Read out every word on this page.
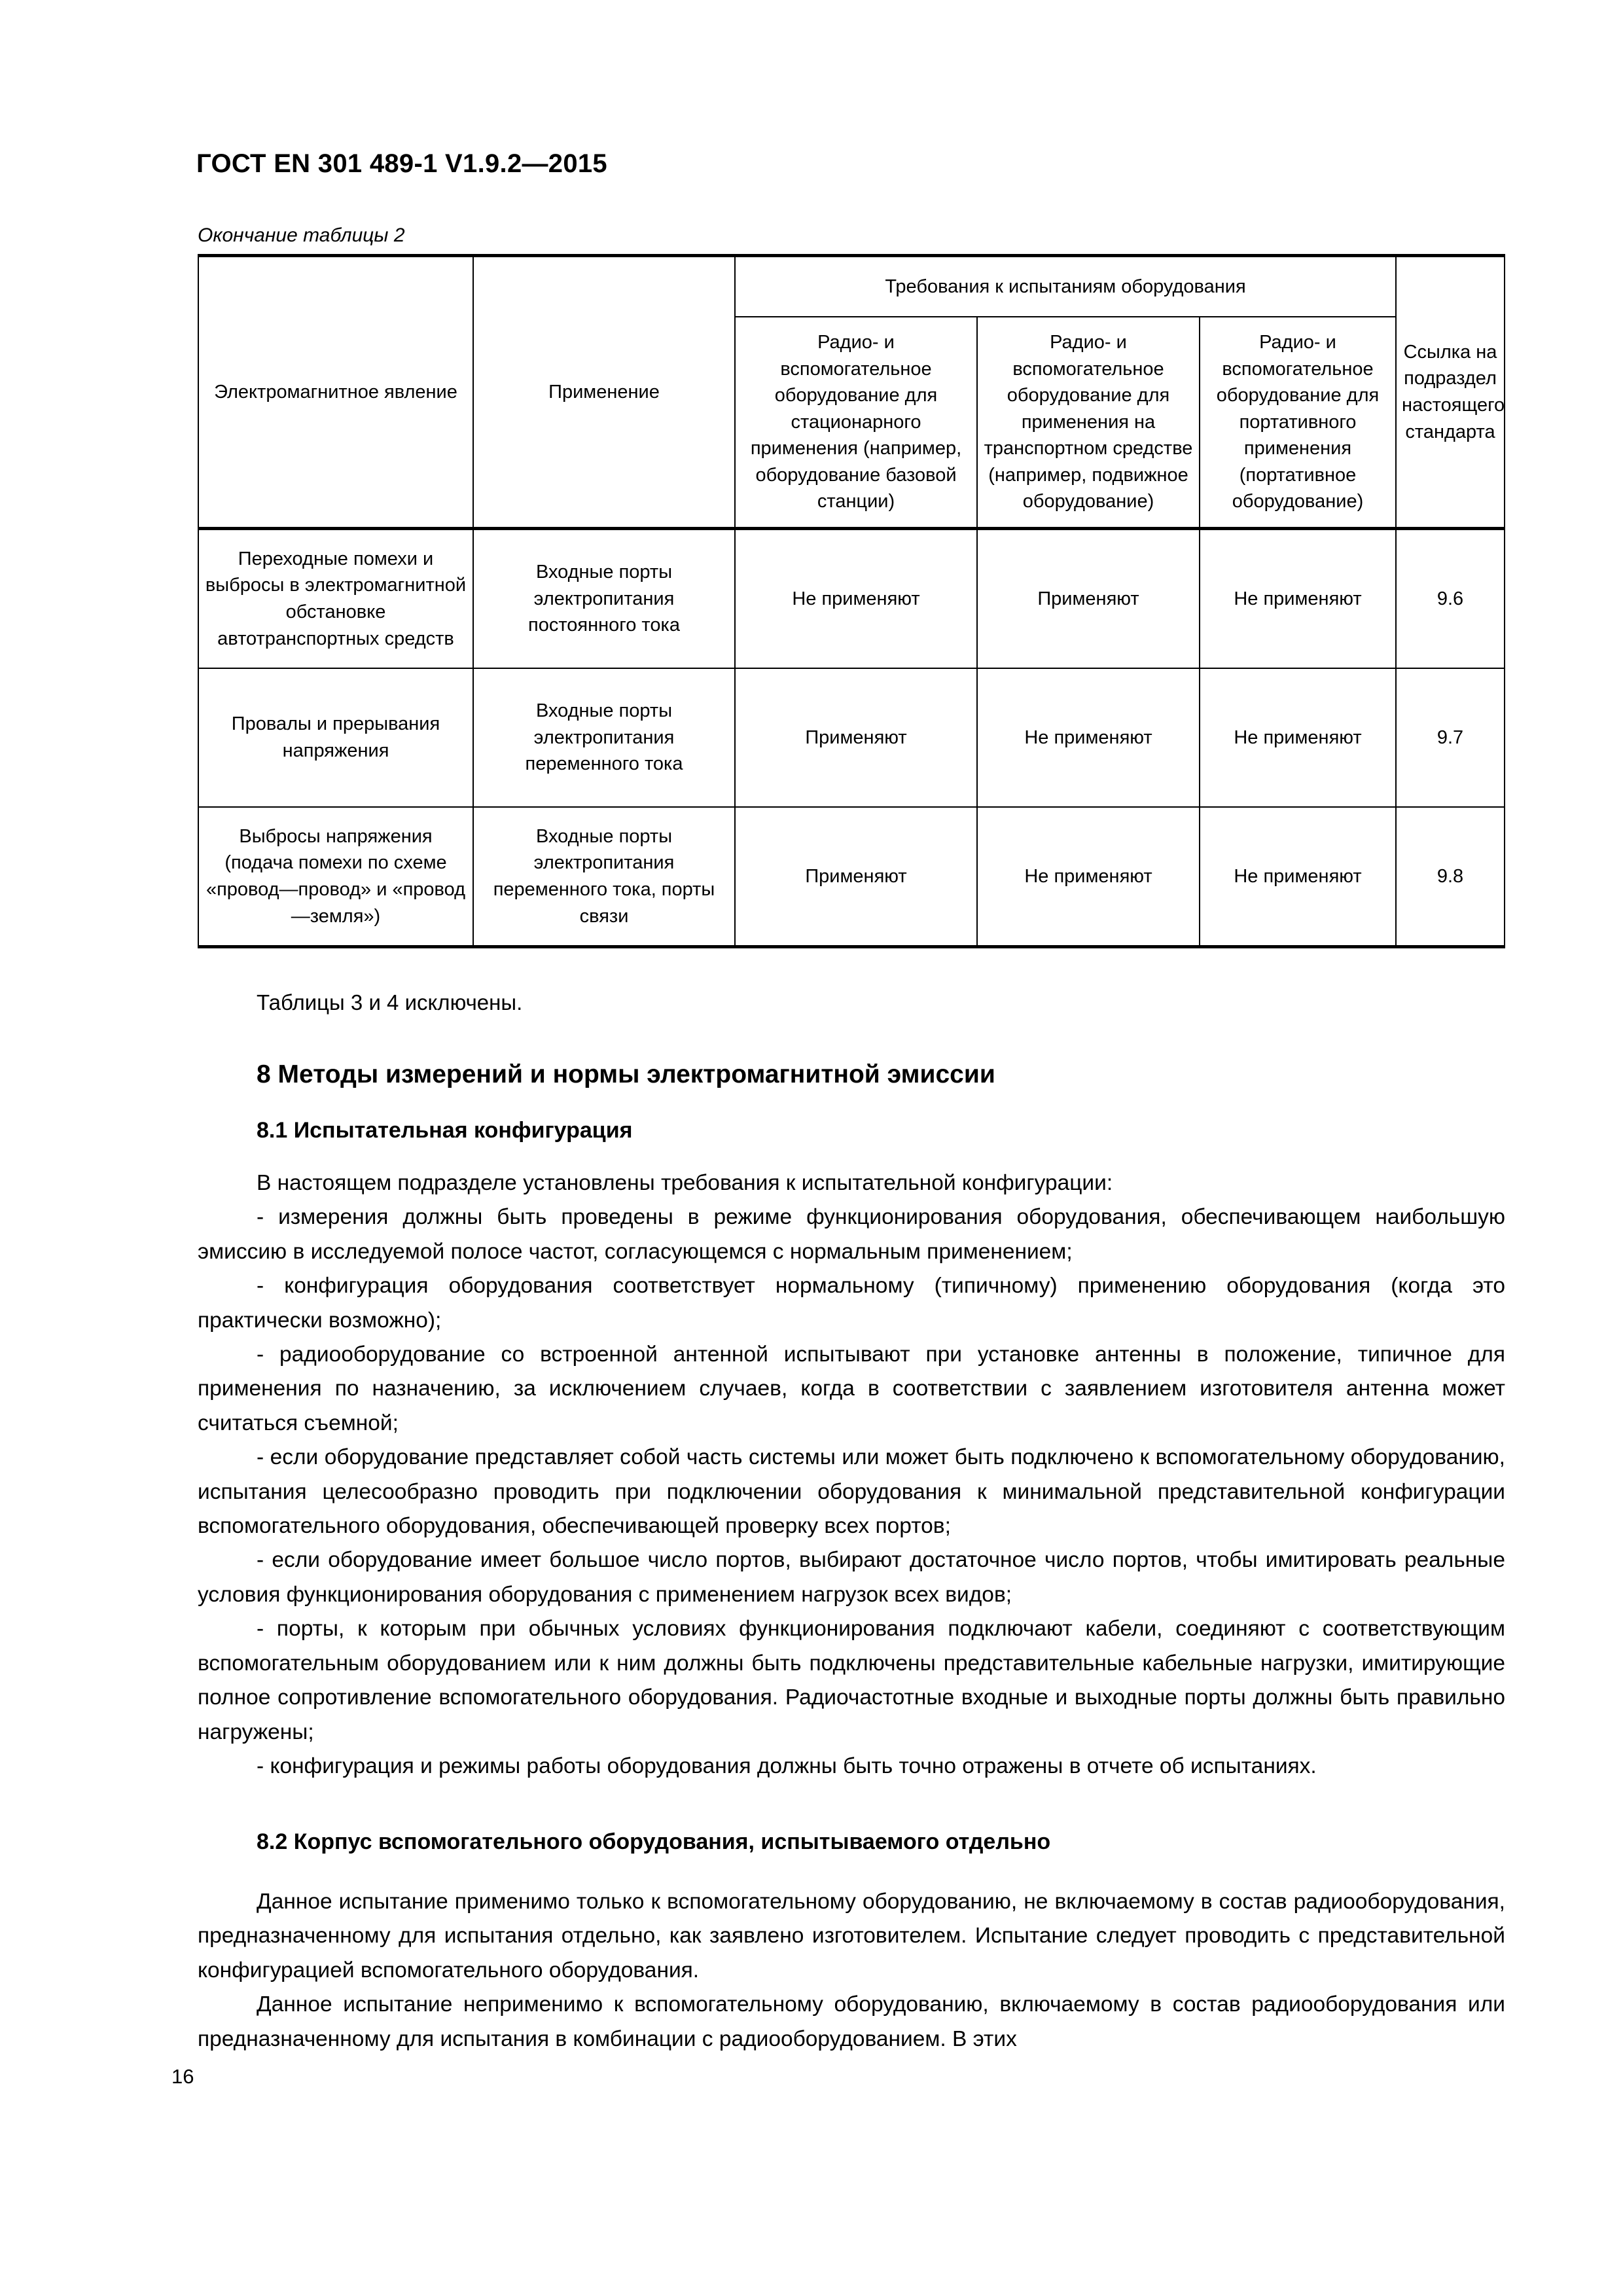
ГОСТ EN 301 489-1 V1.9.2—2015
Окончание таблицы 2
Электромагнитное явление	Применение	Требования к испытаниям оборудования			Ссылка на подраздел настоящего стандарта
		Радио- и вспомогательное оборудование для стационарного применения (например, оборудование базовой станции)	Радио- и вспомогательное оборудование для применения на транспортном средстве (например, подвижное оборудование)	Радио- и вспомогательное оборудование для портативного применения (портативное оборудование)	
Переходные помехи и выбросы в электромагнитной обстановке автотранспортных средств	Входные порты электропитания постоянного тока	Не применяют	Применяют	Не применяют	9.6
Провалы и прерывания напряжения	Входные порты электропитания переменного тока	Применяют	Не применяют	Не применяют	9.7
Выбросы напряжения (подача помехи по схеме «провод—провод» и «провод—земля»)	Входные порты электропитания переменного тока, порты связи	Применяют	Не применяют	Не применяют	9.8
Таблицы 3 и 4 исключены.
8 Методы измерений и нормы электромагнитной эмиссии
8.1 Испытательная конфигурация

В настоящем подразделе установлены требования к испытательной конфигурации:

- измерения должны быть проведены в режиме функционирования оборудования, обеспечивающем наибольшую эмиссию в исследуемой полосе частот, согласующемся с нормальным применением;

- конфигурация оборудования соответствует нормальному (типичному) применению оборудования (когда это практически возможно);

- радиооборудование со встроенной антенной испытывают при установке антенны в положение, типичное для применения по назначению, за исключением случаев, когда в соответствии с заявлением изготовителя антенна может считаться съемной;

- если оборудование представляет собой часть системы или может быть подключено к вспомогательному оборудованию, испытания целесообразно проводить при подключении оборудования к минимальной представительной конфигурации вспомогательного оборудования, обеспечивающей проверку всех портов;

- если оборудование имеет большое число портов, выбирают достаточное число портов, чтобы имитировать реальные условия функционирования оборудования с применением нагрузок всех видов;

- порты, к которым при обычных условиях функционирования подключают кабели, соединяют с соответствующим вспомогательным оборудованием или к ним должны быть подключены представительные кабельные нагрузки, имитирующие полное сопротивление вспомогательного оборудования. Радиочастотные входные и выходные порты должны быть правильно нагружены;

- конфигурация и режимы работы оборудования должны быть точно отражены в отчете об испытаниях.

8.2 Корпус вспомогательного оборудования, испытываемого отдельно

Данное испытание применимо только к вспомогательному оборудованию, не включаемому в состав радиооборудования, предназначенному для испытания отдельно, как заявлено изготовителем. Испытание следует проводить с представительной конфигурацией вспомогательного оборудования.

Данное испытание неприменимо к вспомогательному оборудованию, включаемому в состав радиооборудования или предназначенному для испытания в комбинации с радиооборудованием. В этих

16
